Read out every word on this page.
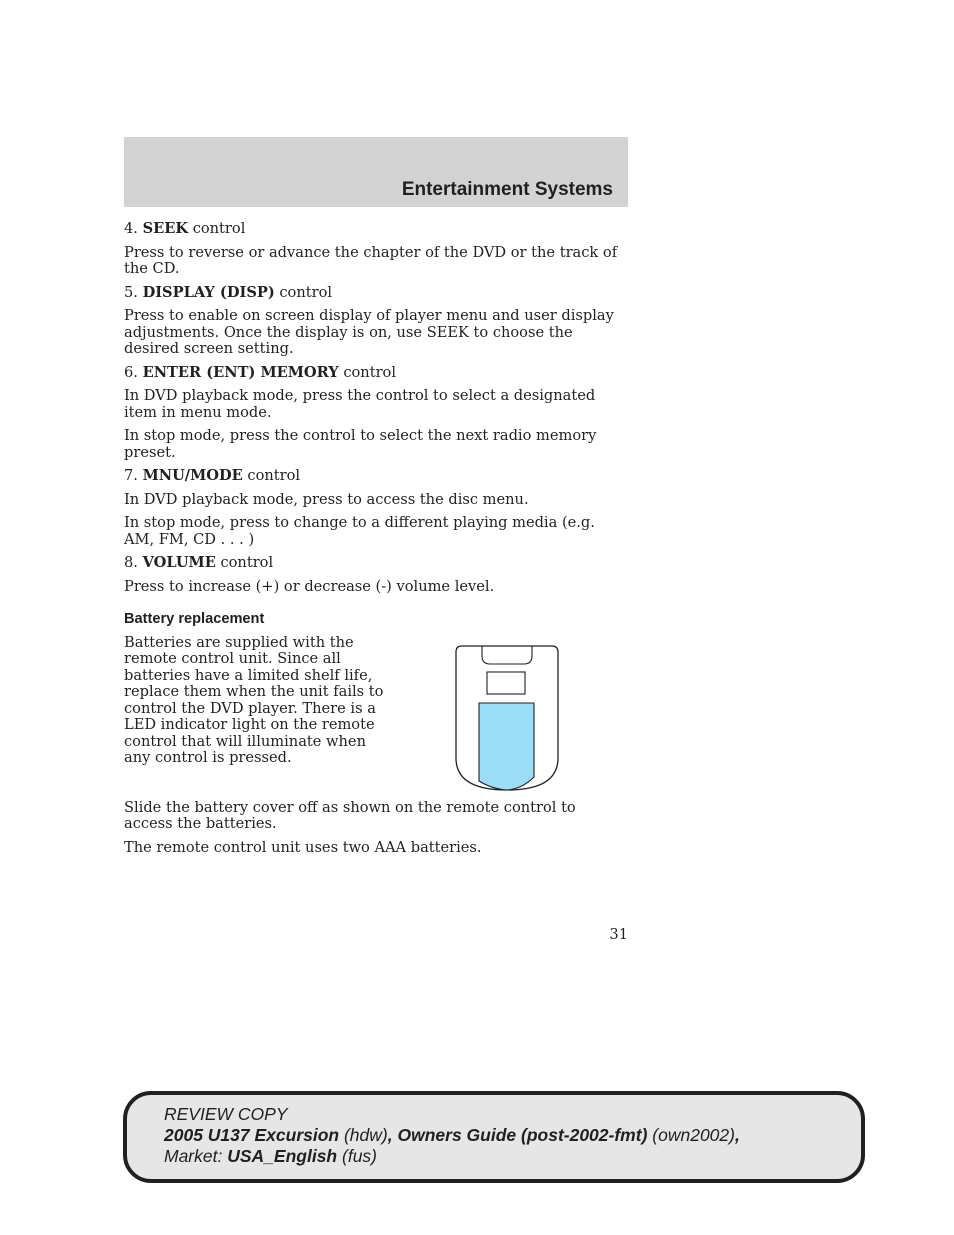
Entertainment Systems

4. SEEK control

Press to reverse or advance the chapter of the DVD or the track of the CD.

5. DISPLAY (DISP) control

Press to enable on screen display of player menu and user display adjustments. Once the display is on, use SEEK to choose the desired screen setting.

6. ENTER (ENT) MEMORY control

In DVD playback mode, press the control to select a designated item in menu mode.

In stop mode, press the control to select the next radio memory preset.

7. MNU/MODE control

In DVD playback mode, press to access the disc menu.

In stop mode, press to change to a different playing media (e.g. AM, FM, CD . . . )

8. VOLUME control

Press to increase (+) or decrease (-) volume level.

Battery replacement

Batteries are supplied with the remote control unit. Since all batteries have a limited shelf life, replace them when the unit fails to control the DVD player. There is a LED indicator light on the remote control that will illuminate when any control is pressed.

Slide the battery cover off as shown on the remote control to access the batteries.

The remote control unit uses two AAA batteries.

31

REVIEW COPY
2005 U137 Excursion (hdw), Owners Guide (post-2002-fmt) (own2002),
Market: USA_English (fus)
